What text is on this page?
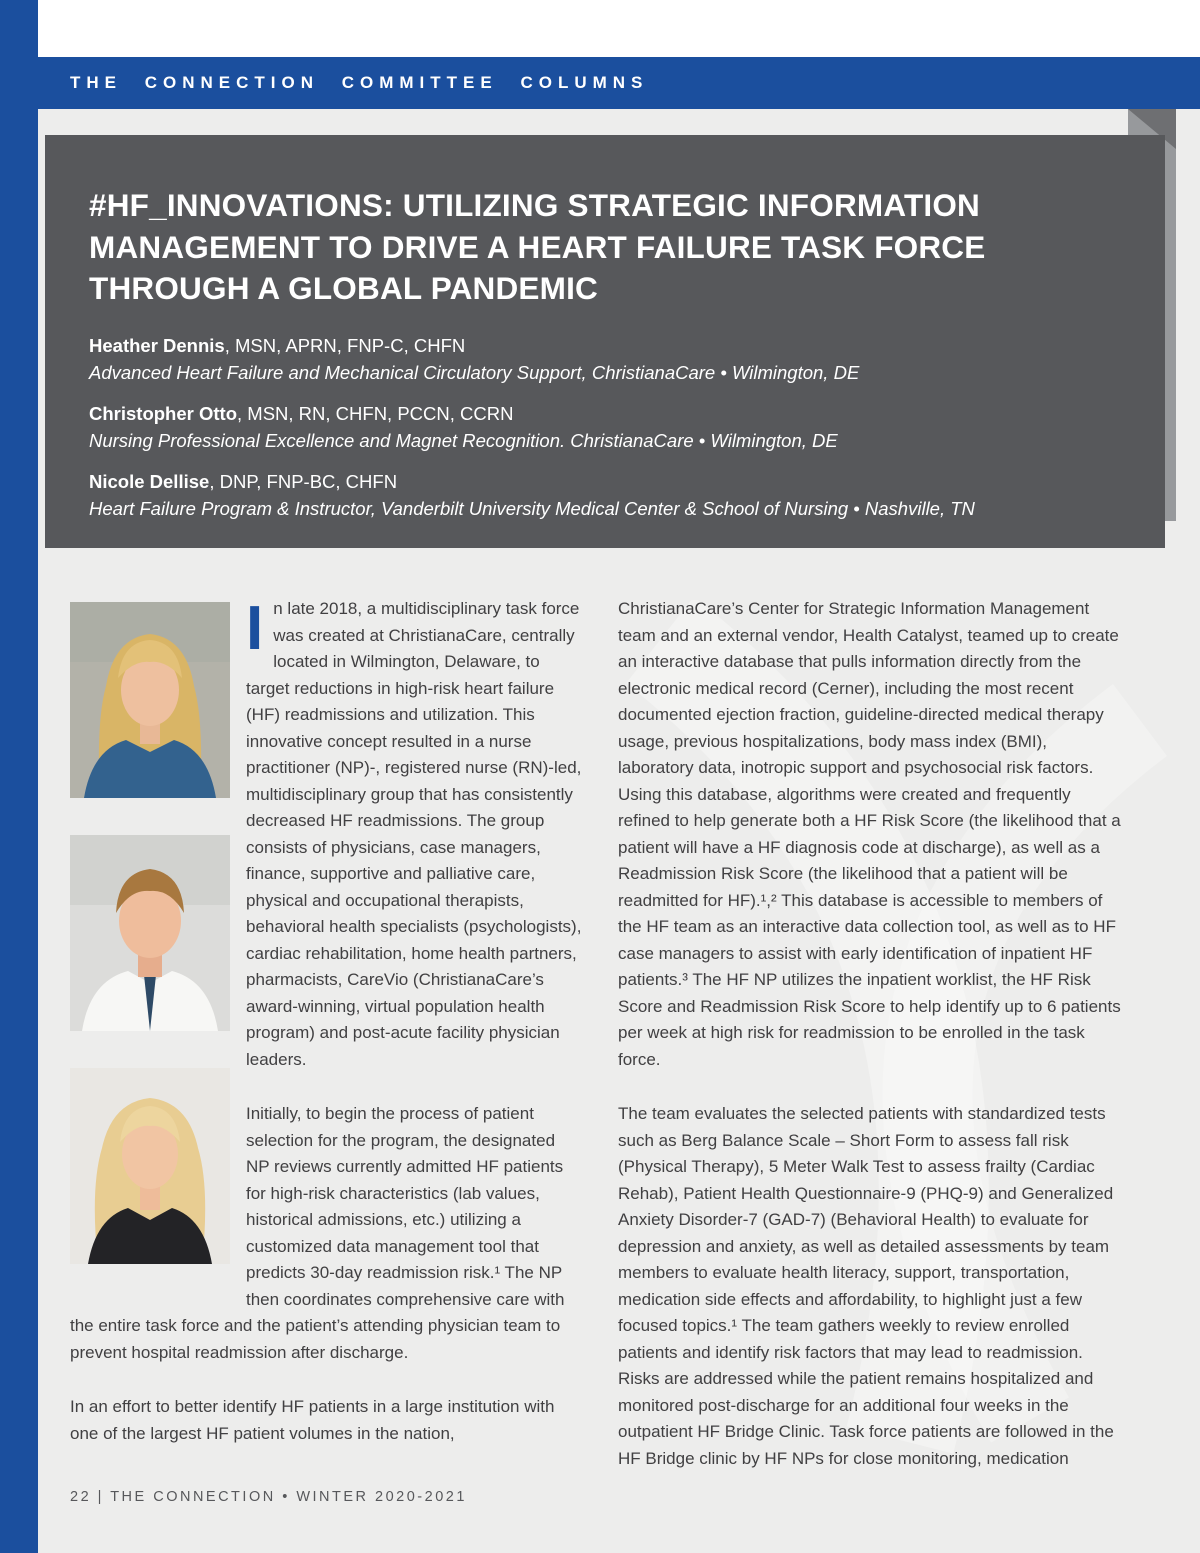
THE CONNECTION COMMITTEE COLUMNS
#HF_INNOVATIONS: UTILIZING STRATEGIC INFORMATION MANAGEMENT TO DRIVE A HEART FAILURE TASK FORCE THROUGH A GLOBAL PANDEMIC
Heather Dennis, MSN, APRN, FNP-C, CHFN
Advanced Heart Failure and Mechanical Circulatory Support, ChristianaCare • Wilmington, DE
Christopher Otto, MSN, RN, CHFN, PCCN, CCRN
Nursing Professional Excellence and Magnet Recognition. ChristianaCare • Wilmington, DE
Nicole Dellise, DNP, FNP-BC, CHFN
Heart Failure Program & Instructor, Vanderbilt University Medical Center & School of Nursing • Nashville, TN

In late 2018, a multidisciplinary task force was created at ChristianaCare, centrally located in Wilmington, Delaware, to target reductions in high-risk heart failure (HF) readmissions and utilization. This innovative concept resulted in a nurse practitioner (NP)-, registered nurse (RN)-led, multidisciplinary group that has consistently decreased HF readmissions. The group consists of physicians, case managers, finance, supportive and palliative care, physical and occupational therapists, behavioral health specialists (psychologists), cardiac rehabilitation, home health partners, pharmacists, CareVio (ChristianaCare’s award-winning, virtual population health program) and post-acute facility physician leaders.

Initially, to begin the process of patient selection for the program, the designated NP reviews currently admitted HF patients for high-risk characteristics (lab values, historical admissions, etc.) utilizing a customized data management tool that predicts 30-day readmission risk.¹ The NP then coordinates comprehensive care with the entire task force and the patient’s attending physician team to prevent hospital readmission after discharge.

In an effort to better identify HF patients in a large institution with one of the largest HF patient volumes in the nation,

ChristianaCare’s Center for Strategic Information Management team and an external vendor, Health Catalyst, teamed up to create an interactive database that pulls information directly from the electronic medical record (Cerner), including the most recent documented ejection fraction, guideline-directed medical therapy usage, previous hospitalizations, body mass index (BMI), laboratory data, inotropic support and psychosocial risk factors. Using this database, algorithms were created and frequently refined to help generate both a HF Risk Score (the likelihood that a patient will have a HF diagnosis code at discharge), as well as a Readmission Risk Score (the likelihood that a patient will be readmitted for HF).¹,² This database is accessible to members of the HF team as an interactive data collection tool, as well as to HF case managers to assist with early identification of inpatient HF patients.³ The HF NP utilizes the inpatient worklist, the HF Risk Score and Readmission Risk Score to help identify up to 6 patients per week at high risk for readmission to be enrolled in the task force.

The team evaluates the selected patients with standardized tests such as Berg Balance Scale – Short Form to assess fall risk (Physical Therapy), 5 Meter Walk Test to assess frailty (Cardiac Rehab), Patient Health Questionnaire-9 (PHQ-9) and Generalized Anxiety Disorder-7 (GAD-7) (Behavioral Health) to evaluate for depression and anxiety, as well as detailed assessments by team members to evaluate health literacy, support, transportation, medication side effects and affordability, to highlight just a few focused topics.¹ The team gathers weekly to review enrolled patients and identify risk factors that may lead to readmission. Risks are addressed while the patient remains hospitalized and monitored post-discharge for an additional four weeks in the outpatient HF Bridge Clinic. Task force patients are followed in the HF Bridge clinic by HF NPs for close monitoring, medication

22 | THE CONNECTION • WINTER 2020-2021
